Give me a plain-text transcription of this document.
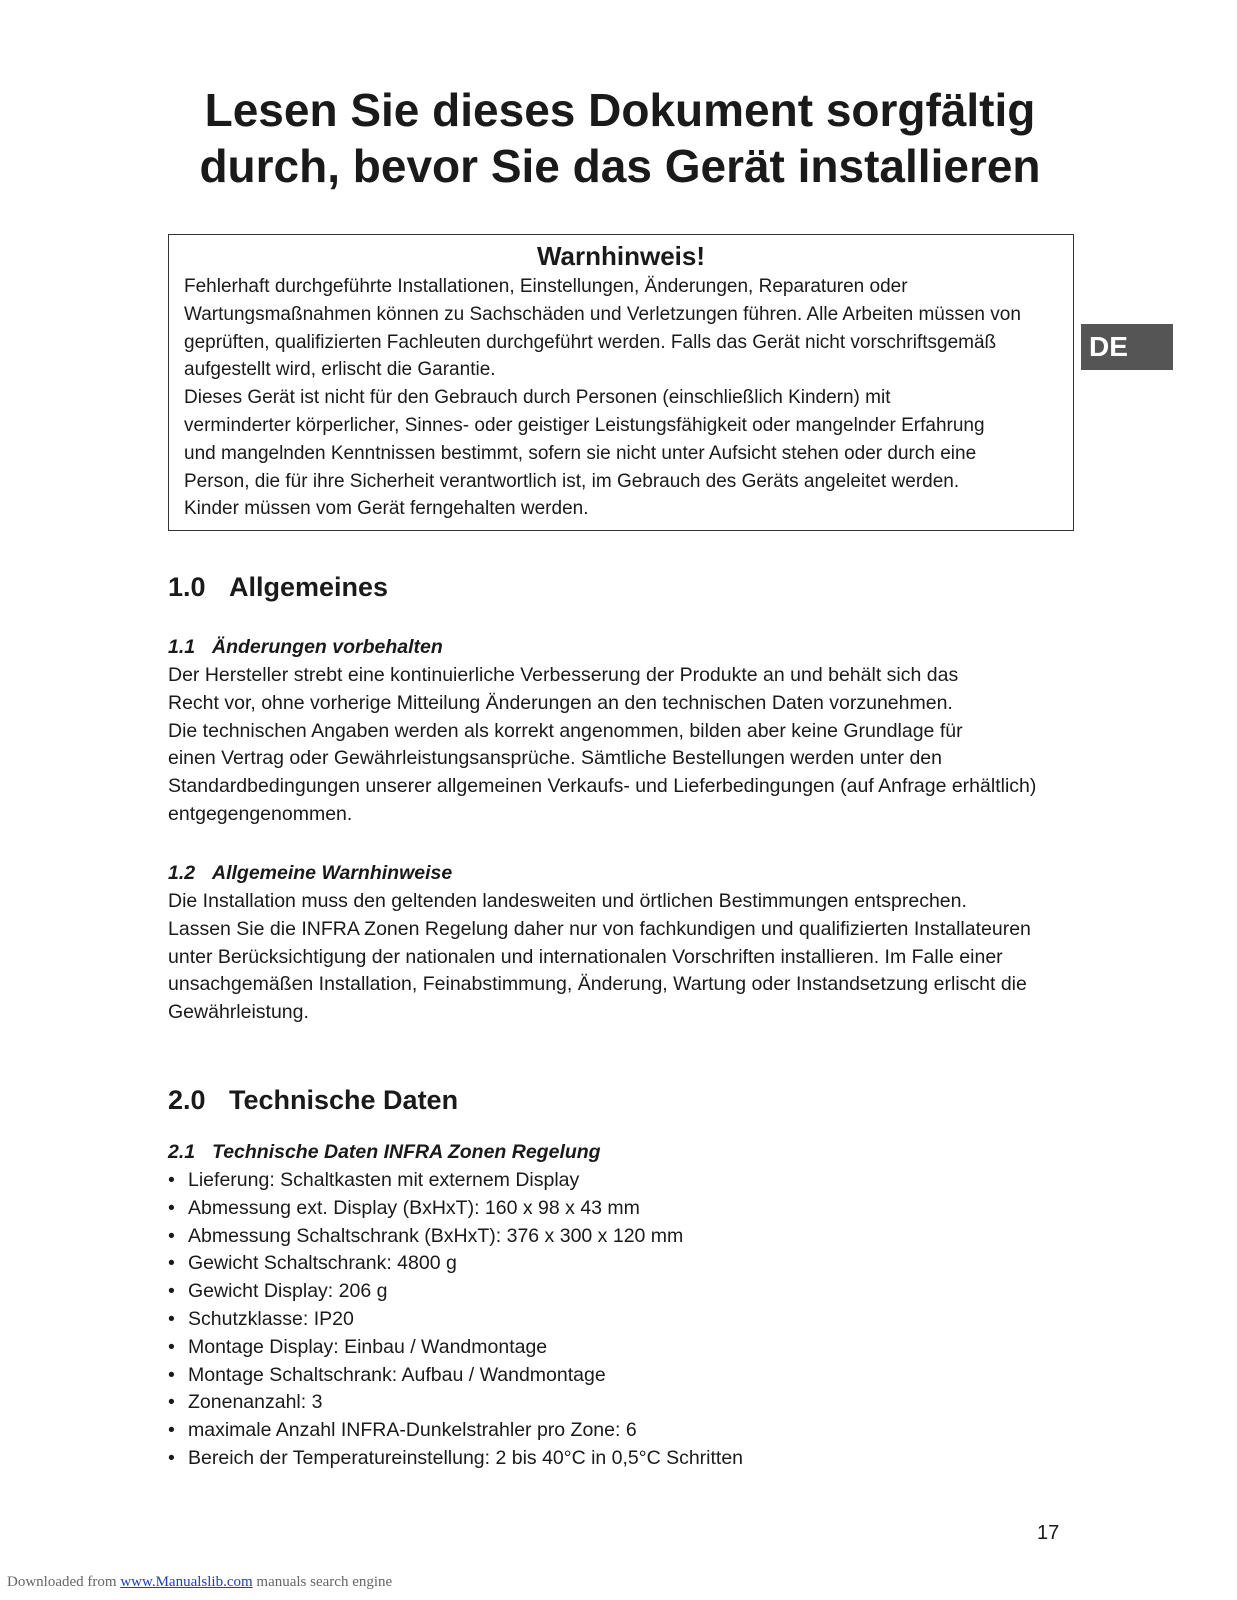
Lesen Sie dieses Dokument sorgfältig
durch, bevor Sie das Gerät installieren
Warnhinweis!

Fehlerhaft durchgeführte Installationen, Einstellungen, Änderungen, Reparaturen oder
Wartungsmaßnahmen können zu Sachschäden und Verletzungen führen. Alle Arbeiten müssen von
geprüften, qualifizierten Fachleuten durchgeführt werden. Falls das Gerät nicht vorschriftsgemäß
aufgestellt wird, erlischt die Garantie.
Dieses Gerät ist nicht für den Gebrauch durch Personen (einschließlich Kindern) mit
verminderter körperlicher, Sinnes- oder geistiger Leistungsfähigkeit oder mangelnder Erfahrung
und mangelnden Kenntnissen bestimmt, sofern sie nicht unter Aufsicht stehen oder durch eine
Person, die für ihre Sicherheit verantwortlich ist, im Gebrauch des Geräts angeleitet werden.
Kinder müssen vom Gerät ferngehalten werden.

DE
1.0 Allgemeines
1.1 Änderungen vorbehalten

Der Hersteller strebt eine kontinuierliche Verbesserung der Produkte an und behält sich das
Recht vor, ohne vorherige Mitteilung Änderungen an den technischen Daten vorzunehmen.
Die technischen Angaben werden als korrekt angenommen, bilden aber keine Grundlage für
einen Vertrag oder Gewährleistungsansprüche. Sämtliche Bestellungen werden unter den
Standardbedingungen unserer allgemeinen Verkaufs- und Lieferbedingungen (auf Anfrage erhältlich)
entgegengenommen.

1.2 Allgemeine Warnhinweise

Die Installation muss den geltenden landesweiten und örtlichen Bestimmungen entsprechen.
Lassen Sie die INFRA Zonen Regelung daher nur von fachkundigen und qualifizierten Installateuren
unter Berücksichtigung der nationalen und internationalen Vorschriften installieren. Im Falle einer
unsachgemäßen Installation, Feinabstimmung, Änderung, Wartung oder Instandsetzung erlischt die
Gewährleistung.

2.0 Technische Daten
2.1 Technische Daten INFRA Zonen Regelung
• Lieferung: Schaltkasten mit externem Display
• Abmessung ext. Display (BxHxT): 160 x 98 x 43 mm
• Abmessung Schaltschrank (BxHxT): 376 x 300 x 120 mm
• Gewicht Schaltschrank: 4800 g
• Gewicht Display: 206 g
• Schutzklasse: IP20
• Montage Display: Einbau / Wandmontage
• Montage Schaltschrank: Aufbau / Wandmontage
• Zonenanzahl: 3
• maximale Anzahl INFRA-Dunkelstrahler pro Zone: 6
• Bereich der Temperatureinstellung: 2 bis 40°C in 0,5°C Schritten
17
Downloaded from www.Manualslib.com manuals search engine
